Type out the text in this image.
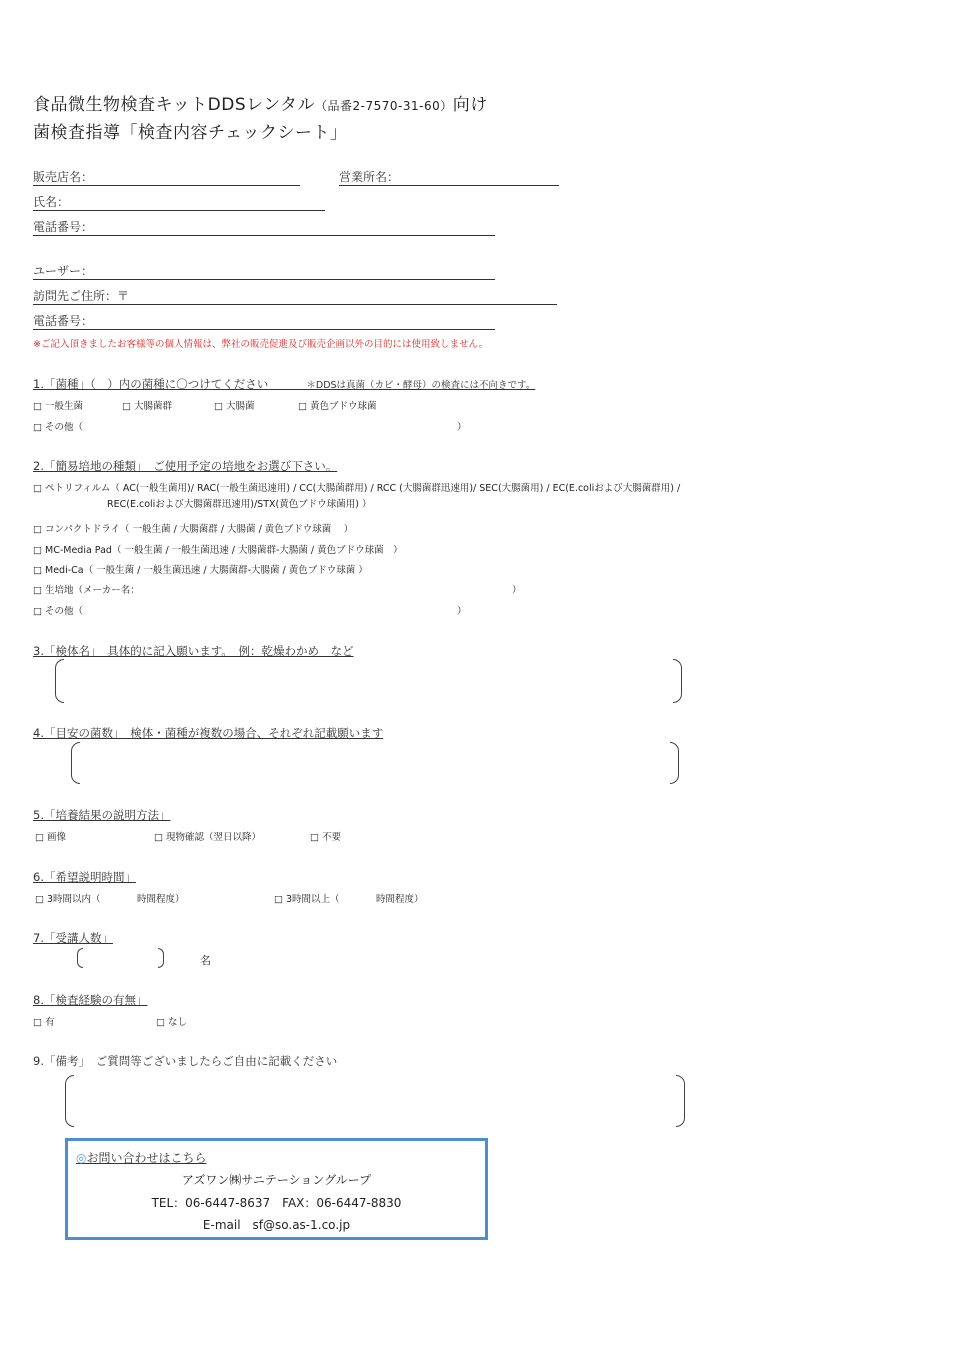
食品微生物検査キットDDSレンタル（品番2-7570-31-60）向け
菌検査指導「検査内容チェックシート」
販売店名：	営業所名：
氏名：
電話番号：
ユーザー：
訪問先ご住所：〒
電話番号：
※ご記入頂きましたお客様等の個人情報は、弊社の販売促進及び販売企画以外の目的には使用致しません。
1.「菌種」（　）内の菌種に〇つけてください   	＊DDSは真菌（カビ・酵母）の検査には不向きです。
□ 一般生菌	□ 大腸菌群	□ 大腸菌	□ 黄色ブドウ球菌
□ その他（	）
2.「簡易培地の種類」　ご使用予定の培地をお選び下さい。
□ ペトリフィルム（ AC(一般生菌用)/ RAC(一般生菌迅速用) / CC(大腸菌群用) / RCC (大腸菌群迅速用)/ SEC(大腸菌用) / EC(E.coliおよび大腸菌群用) /
REC(E.coliおよび大腸菌群迅速用)/STX(黄色ブドウ球菌用) ）
□ コンパクトドライ（ 一般生菌 / 大腸菌群 / 大腸菌 / 黄色ブドウ球菌　 ）
□ MC-Media Pad（ 一般生菌 / 一般生菌迅速 / 大腸菌群-大腸菌 / 黄色ブドウ球菌　）
□ Medi-Ca（ 一般生菌 / 一般生菌迅速 / 大腸菌群-大腸菌 / 黄色ブドウ球菌 ）
□ 生培地（メーカー名：	）
□ その他（	）
3.「検体名」　具体的に記入願います。　例：乾燥わかめ　など
4.「目安の菌数」　検体・菌種が複数の場合、それぞれ記載願います
5.「培養結果の説明方法」
□ 画像	□ 現物確認（翌日以降）	□ 不要
6.「希望説明時間」
□ 3時間以内（	時間程度）	□ 3時間以上（	時間程度）
7.「受講人数」
名
8.「検査経験の有無」
□ 有	□ なし
9.「備考」　ご質問等ございましたらご自由に記載ください
◎お問い合わせはこちら
アズワン㈱サニテーショングループ
TEL：06-6447-8637　FAX：06-6447-8830
E-mail　sf@so.as-1.co.jp
